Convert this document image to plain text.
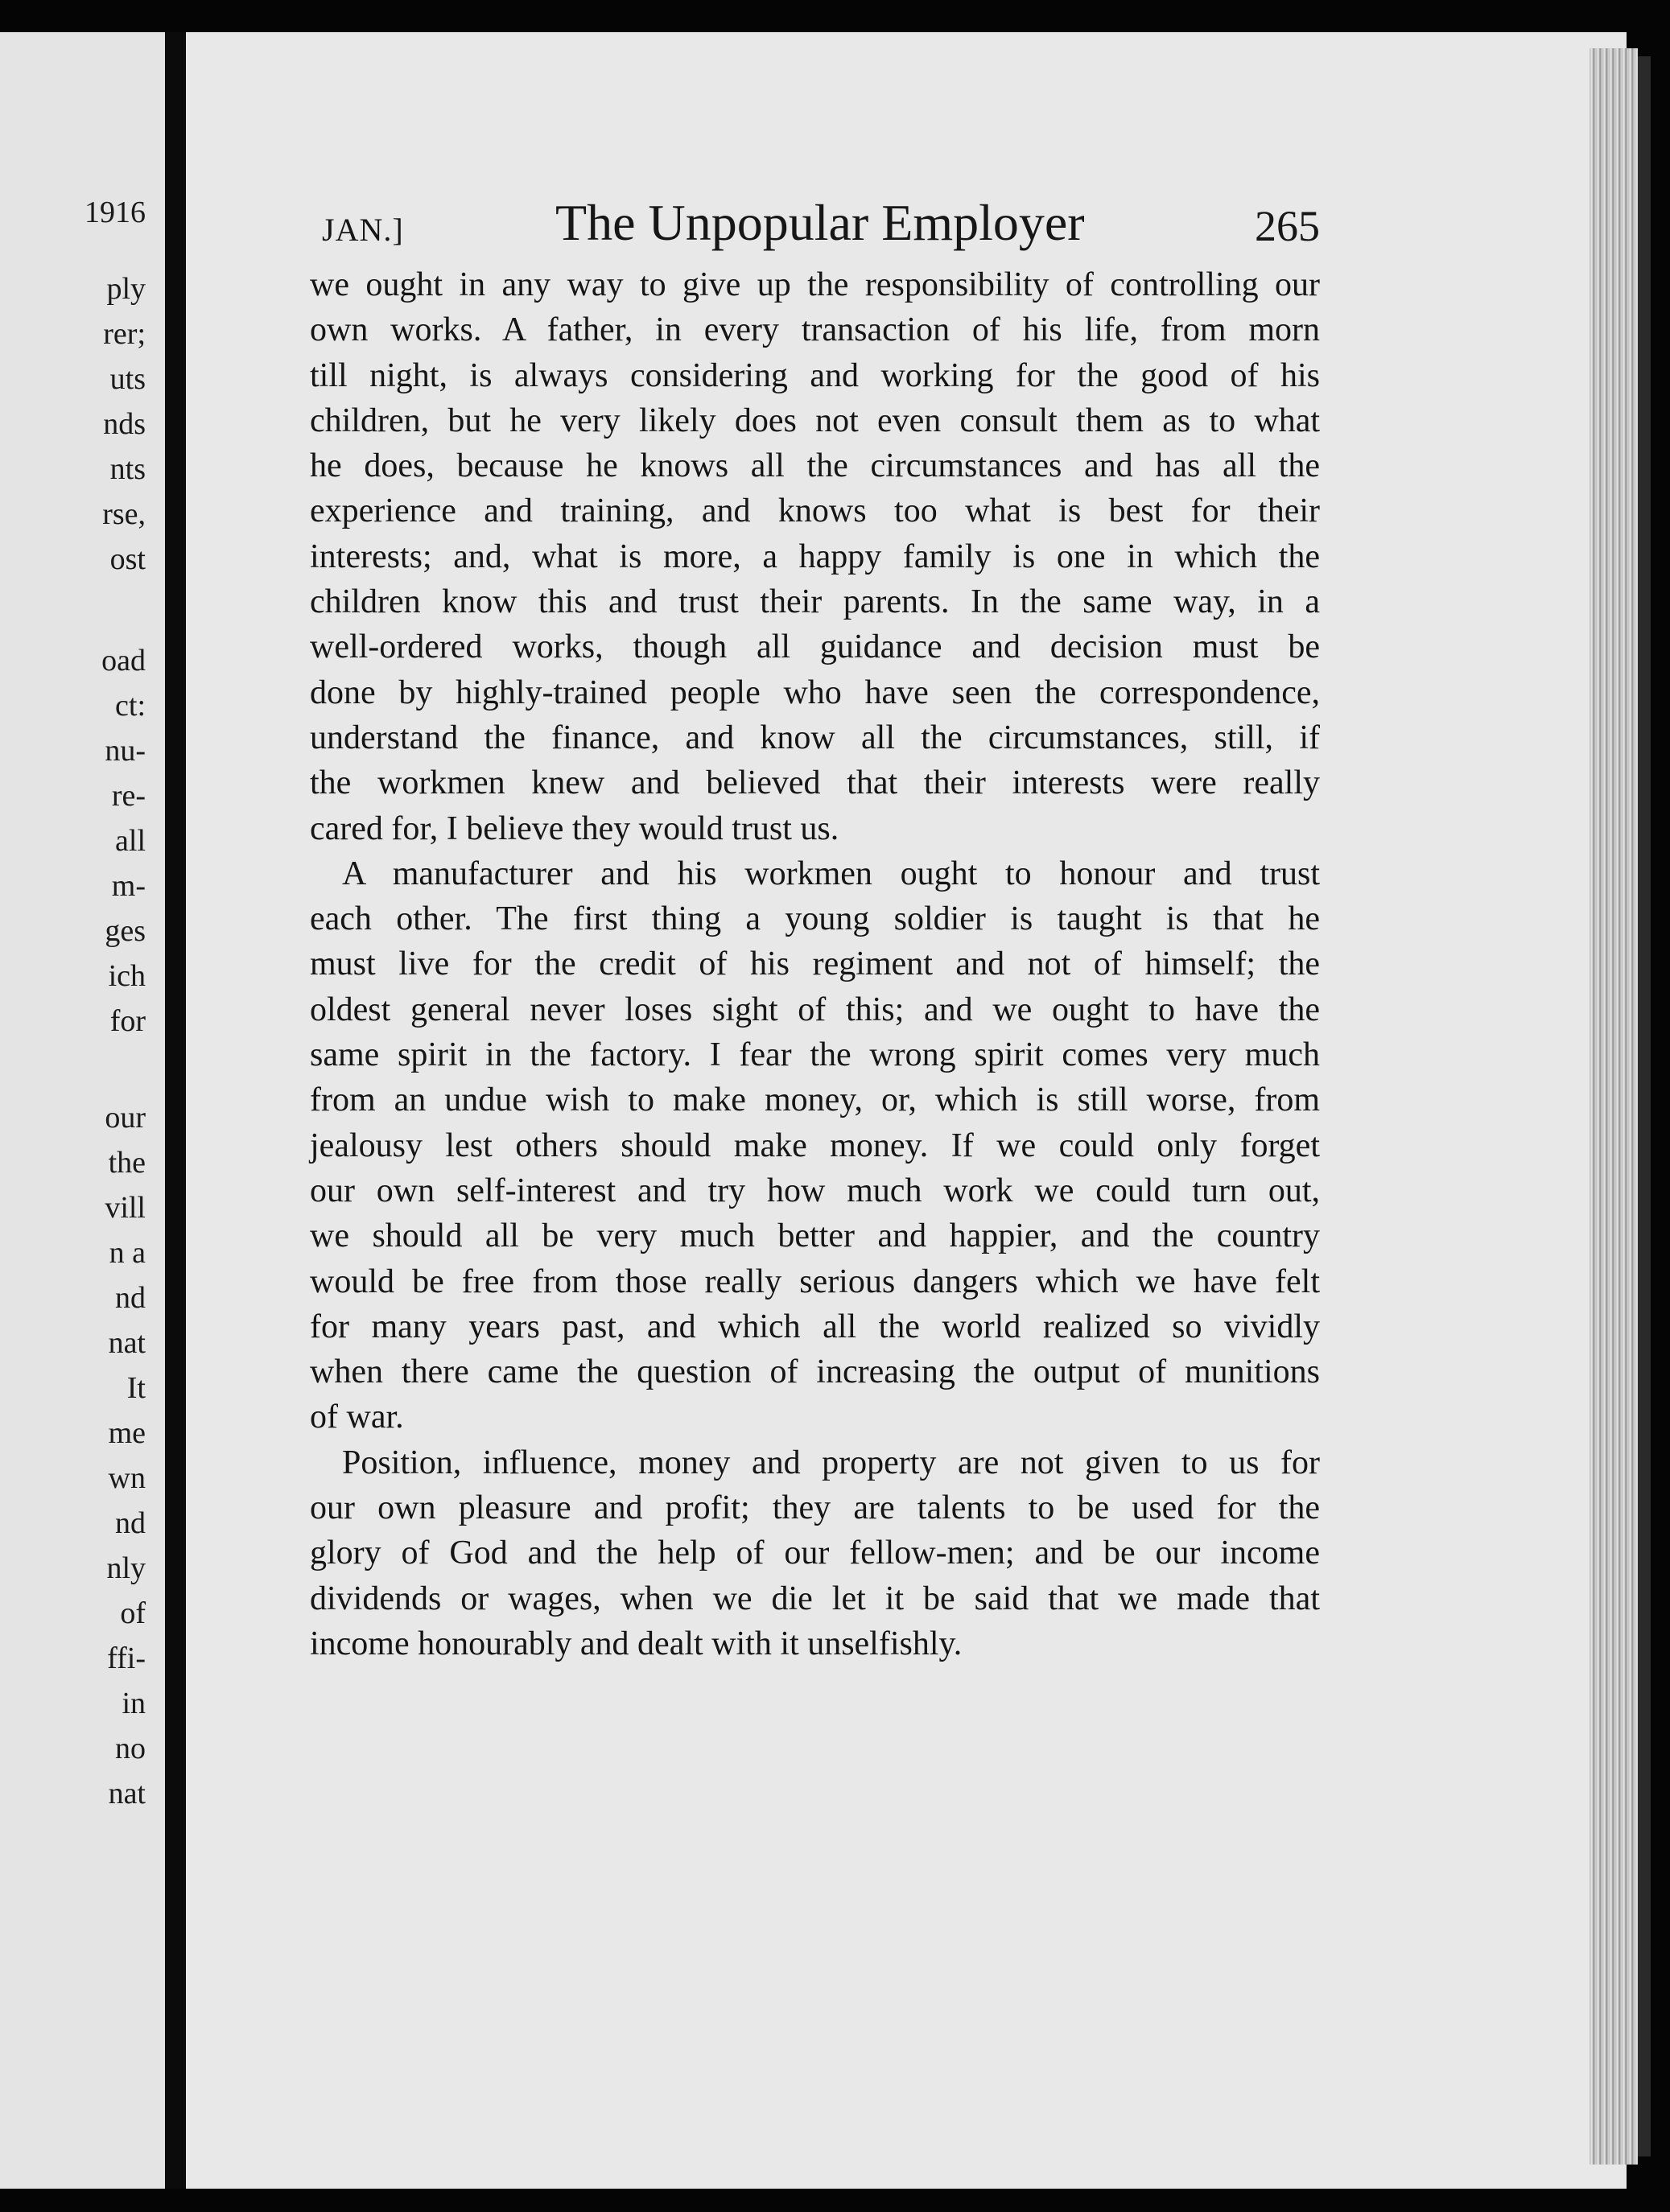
1916
ply
rer;
uts
nds
nts
rse,
ost
oad
ct:
nu-
re-
all
m-
ges
ich
for
our
the
vill
n a
nd
nat
It
me
wn
nd
nly
of
ffi-
in
no
nat
JAN.]	The Unpopular Employer	265

we ought in any way to give up the responsibility of controlling our
own works. A father, in every transaction of his life, from morn
till night, is always considering and working for the good of his
children, but he very likely does not even consult them as to what
he does, because he knows all the circumstances and has all the
experience and training, and knows too what is best for their
interests; and, what is more, a happy family is one in which the
children know this and trust their parents. In the same way, in a
well-ordered works, though all guidance and decision must be
done by highly-trained people who have seen the correspondence,
understand the finance, and know all the circumstances, still, if
the workmen knew and believed that their interests were really
cared for, I believe they would trust us.

A manufacturer and his workmen ought to honour and trust
each other. The first thing a young soldier is taught is that he
must live for the credit of his regiment and not of himself; the
oldest general never loses sight of this; and we ought to have the
same spirit in the factory. I fear the wrong spirit comes very much
from an undue wish to make money, or, which is still worse, from
jealousy lest others should make money. If we could only forget
our own self-interest and try how much work we could turn out,
we should all be very much better and happier, and the country
would be free from those really serious dangers which we have felt
for many years past, and which all the world realized so vividly
when there came the question of increasing the output of munitions
of war.

Position, influence, money and property are not given to us for
our own pleasure and profit; they are talents to be used for the
glory of God and the help of our fellow-men; and be our income
dividends or wages, when we die let it be said that we made that
income honourably and dealt with it unselfishly.
